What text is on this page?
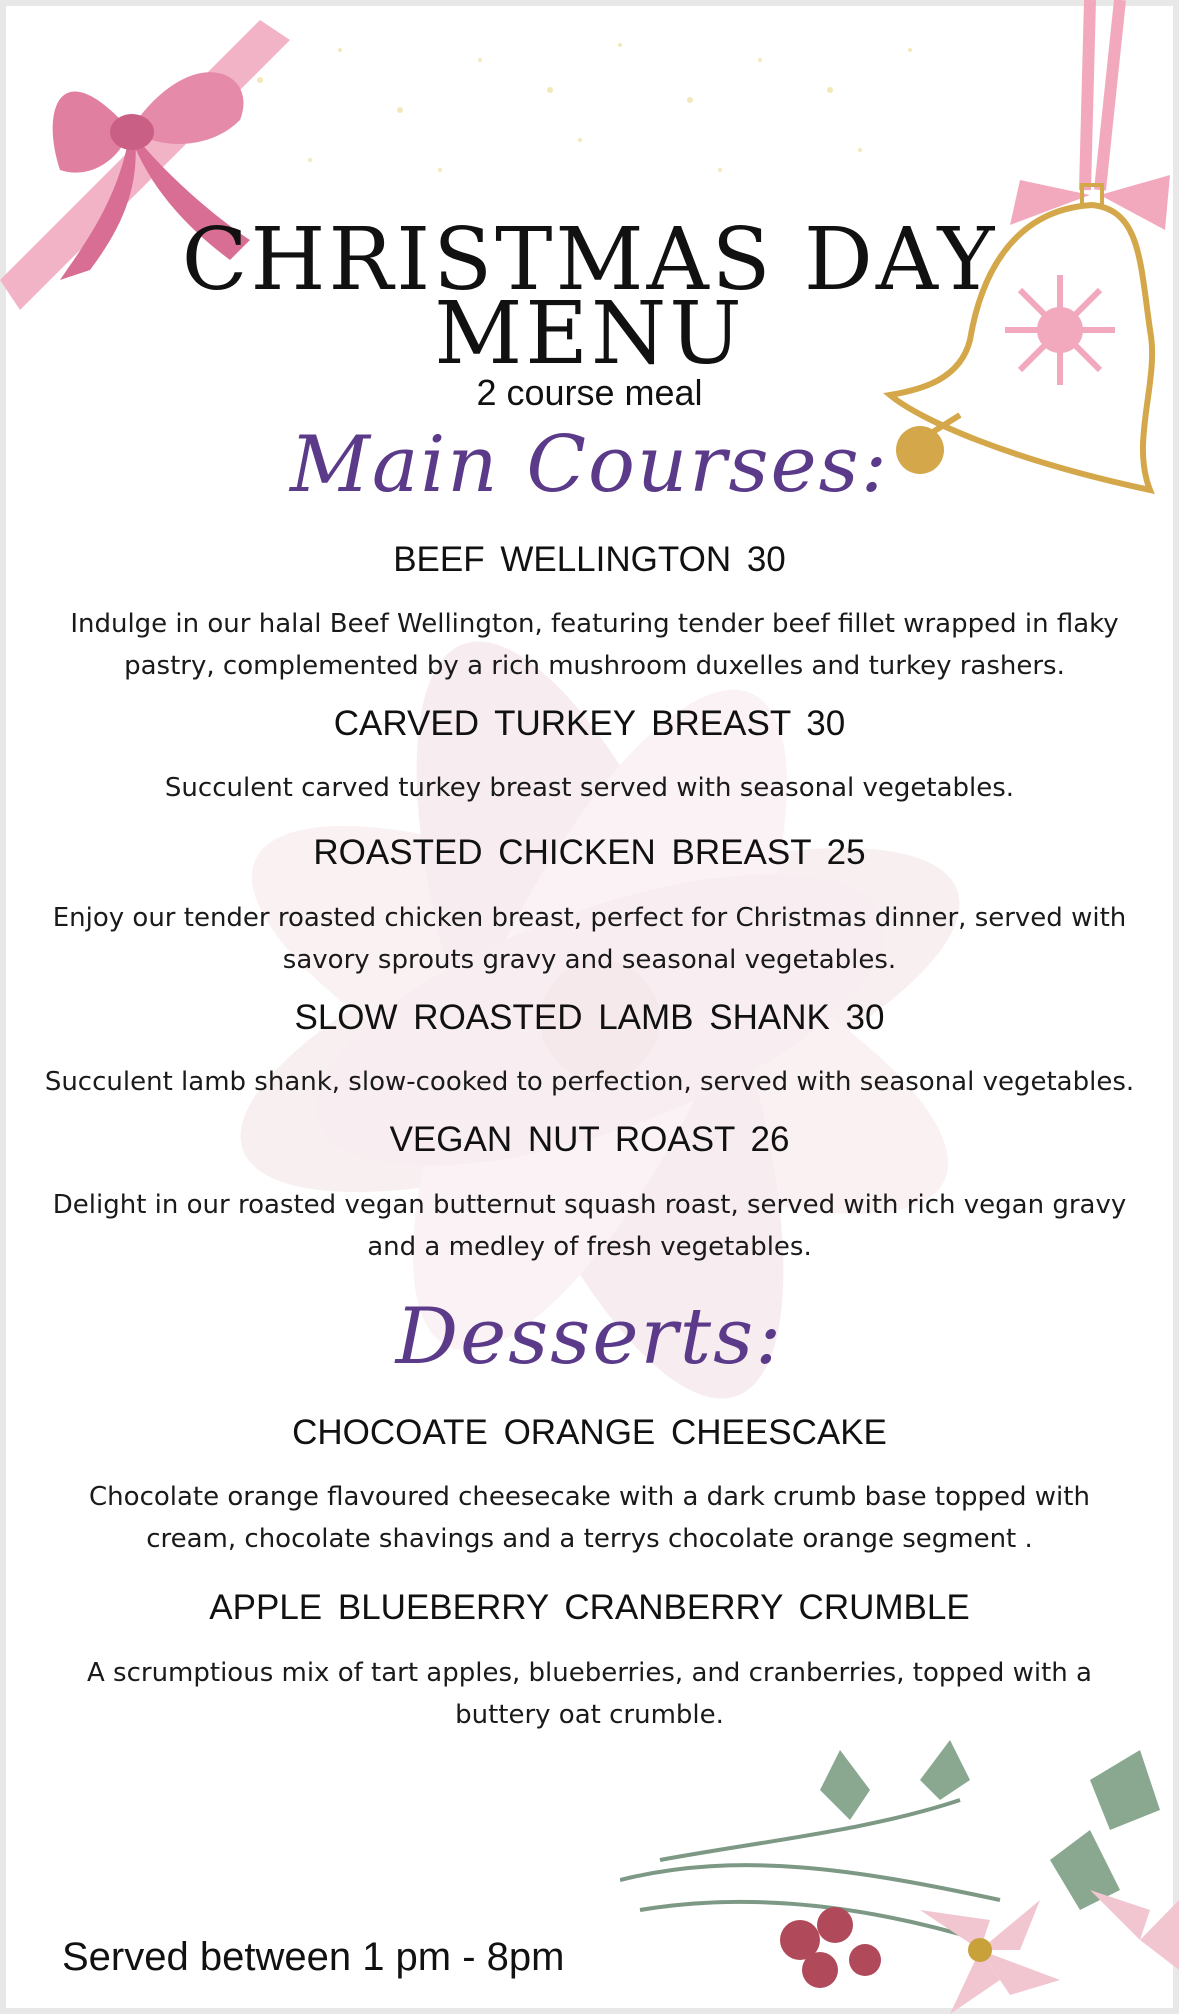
CHRISTMAS DAY
MENU
2 course meal
Main Courses:
BEEF WELLINGTON 30
Indulge in our halal Beef Wellington, featuring tender beef fillet wrapped in flaky pastry, complemented by a rich mushroom duxelles and turkey rashers.
CARVED TURKEY BREAST 30
Succulent carved turkey breast served with seasonal vegetables.
ROASTED CHICKEN BREAST 25
Enjoy our tender roasted chicken breast, perfect for Christmas dinner, served with savory sprouts gravy and seasonal vegetables.
SLOW ROASTED LAMB SHANK 30
Succulent lamb shank, slow-cooked to perfection, served with seasonal vegetables.
VEGAN NUT ROAST 26
Delight in our roasted vegan butternut squash roast, served with rich vegan gravy and a medley of fresh vegetables.
Desserts:
CHOCOATE ORANGE CHEESCAKE
Chocolate orange flavoured cheesecake with a dark crumb base topped with cream, chocolate shavings and a terrys chocolate orange segment .
APPLE BLUEBERRY CRANBERRY CRUMBLE
A scrumptious mix of tart apples, blueberries, and cranberries, topped with a buttery oat crumble.
Served between 1 pm - 8pm
